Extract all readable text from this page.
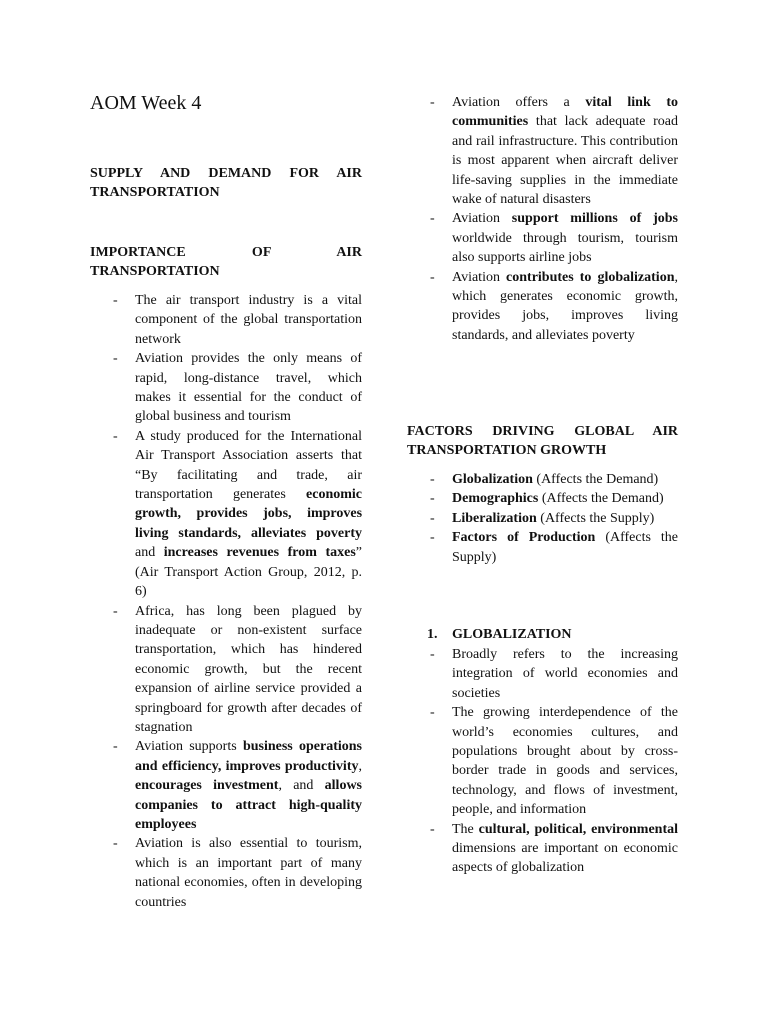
AOM Week 4
SUPPLY AND DEMAND FOR AIR TRANSPORTATION
IMPORTANCE OF AIR
TRANSPORTATION
- The air transport industry is a vital component of the global transportation network
- Aviation provides the only means of rapid, long-distance travel, which makes it essential for the conduct of global business and tourism
- A study produced for the International Air Transport Association asserts that “By facilitating and trade, air transportation generates economic growth, provides jobs, improves living standards, alleviates poverty and increases revenues from taxes” (Air Transport Action Group, 2012, p. 6)
- Africa, has long been plagued by inadequate or non-existent surface transportation, which has hindered economic growth, but the recent expansion of airline service provided a springboard for growth after decades of stagnation
- Aviation supports business operations and efficiency, improves productivity, encourages investment, and allows companies to attract high-quality employees
- Aviation is also essential to tourism, which is an important part of many national economies, often in developing countries
- Aviation offers a vital link to communities that lack adequate road and rail infrastructure. This contribution is most apparent when aircraft deliver life-saving supplies in the immediate wake of natural disasters
- Aviation support millions of jobs worldwide through tourism, tourism also supports airline jobs
- Aviation contributes to globalization, which generates economic growth, provides jobs, improves living standards, and alleviates poverty
FACTORS DRIVING GLOBAL AIR TRANSPORTATION GROWTH
- Globalization (Affects the Demand)
- Demographics (Affects the Demand)
- Liberalization (Affects the Supply)
- Factors of Production (Affects the Supply)
1. GLOBALIZATION
- Broadly refers to the increasing integration of world economies and societies
- The growing interdependence of the world’s economies cultures, and populations brought about by cross-border trade in goods and services, technology, and flows of investment, people, and information
- The cultural, political, environmental dimensions are important on economic aspects of globalization
